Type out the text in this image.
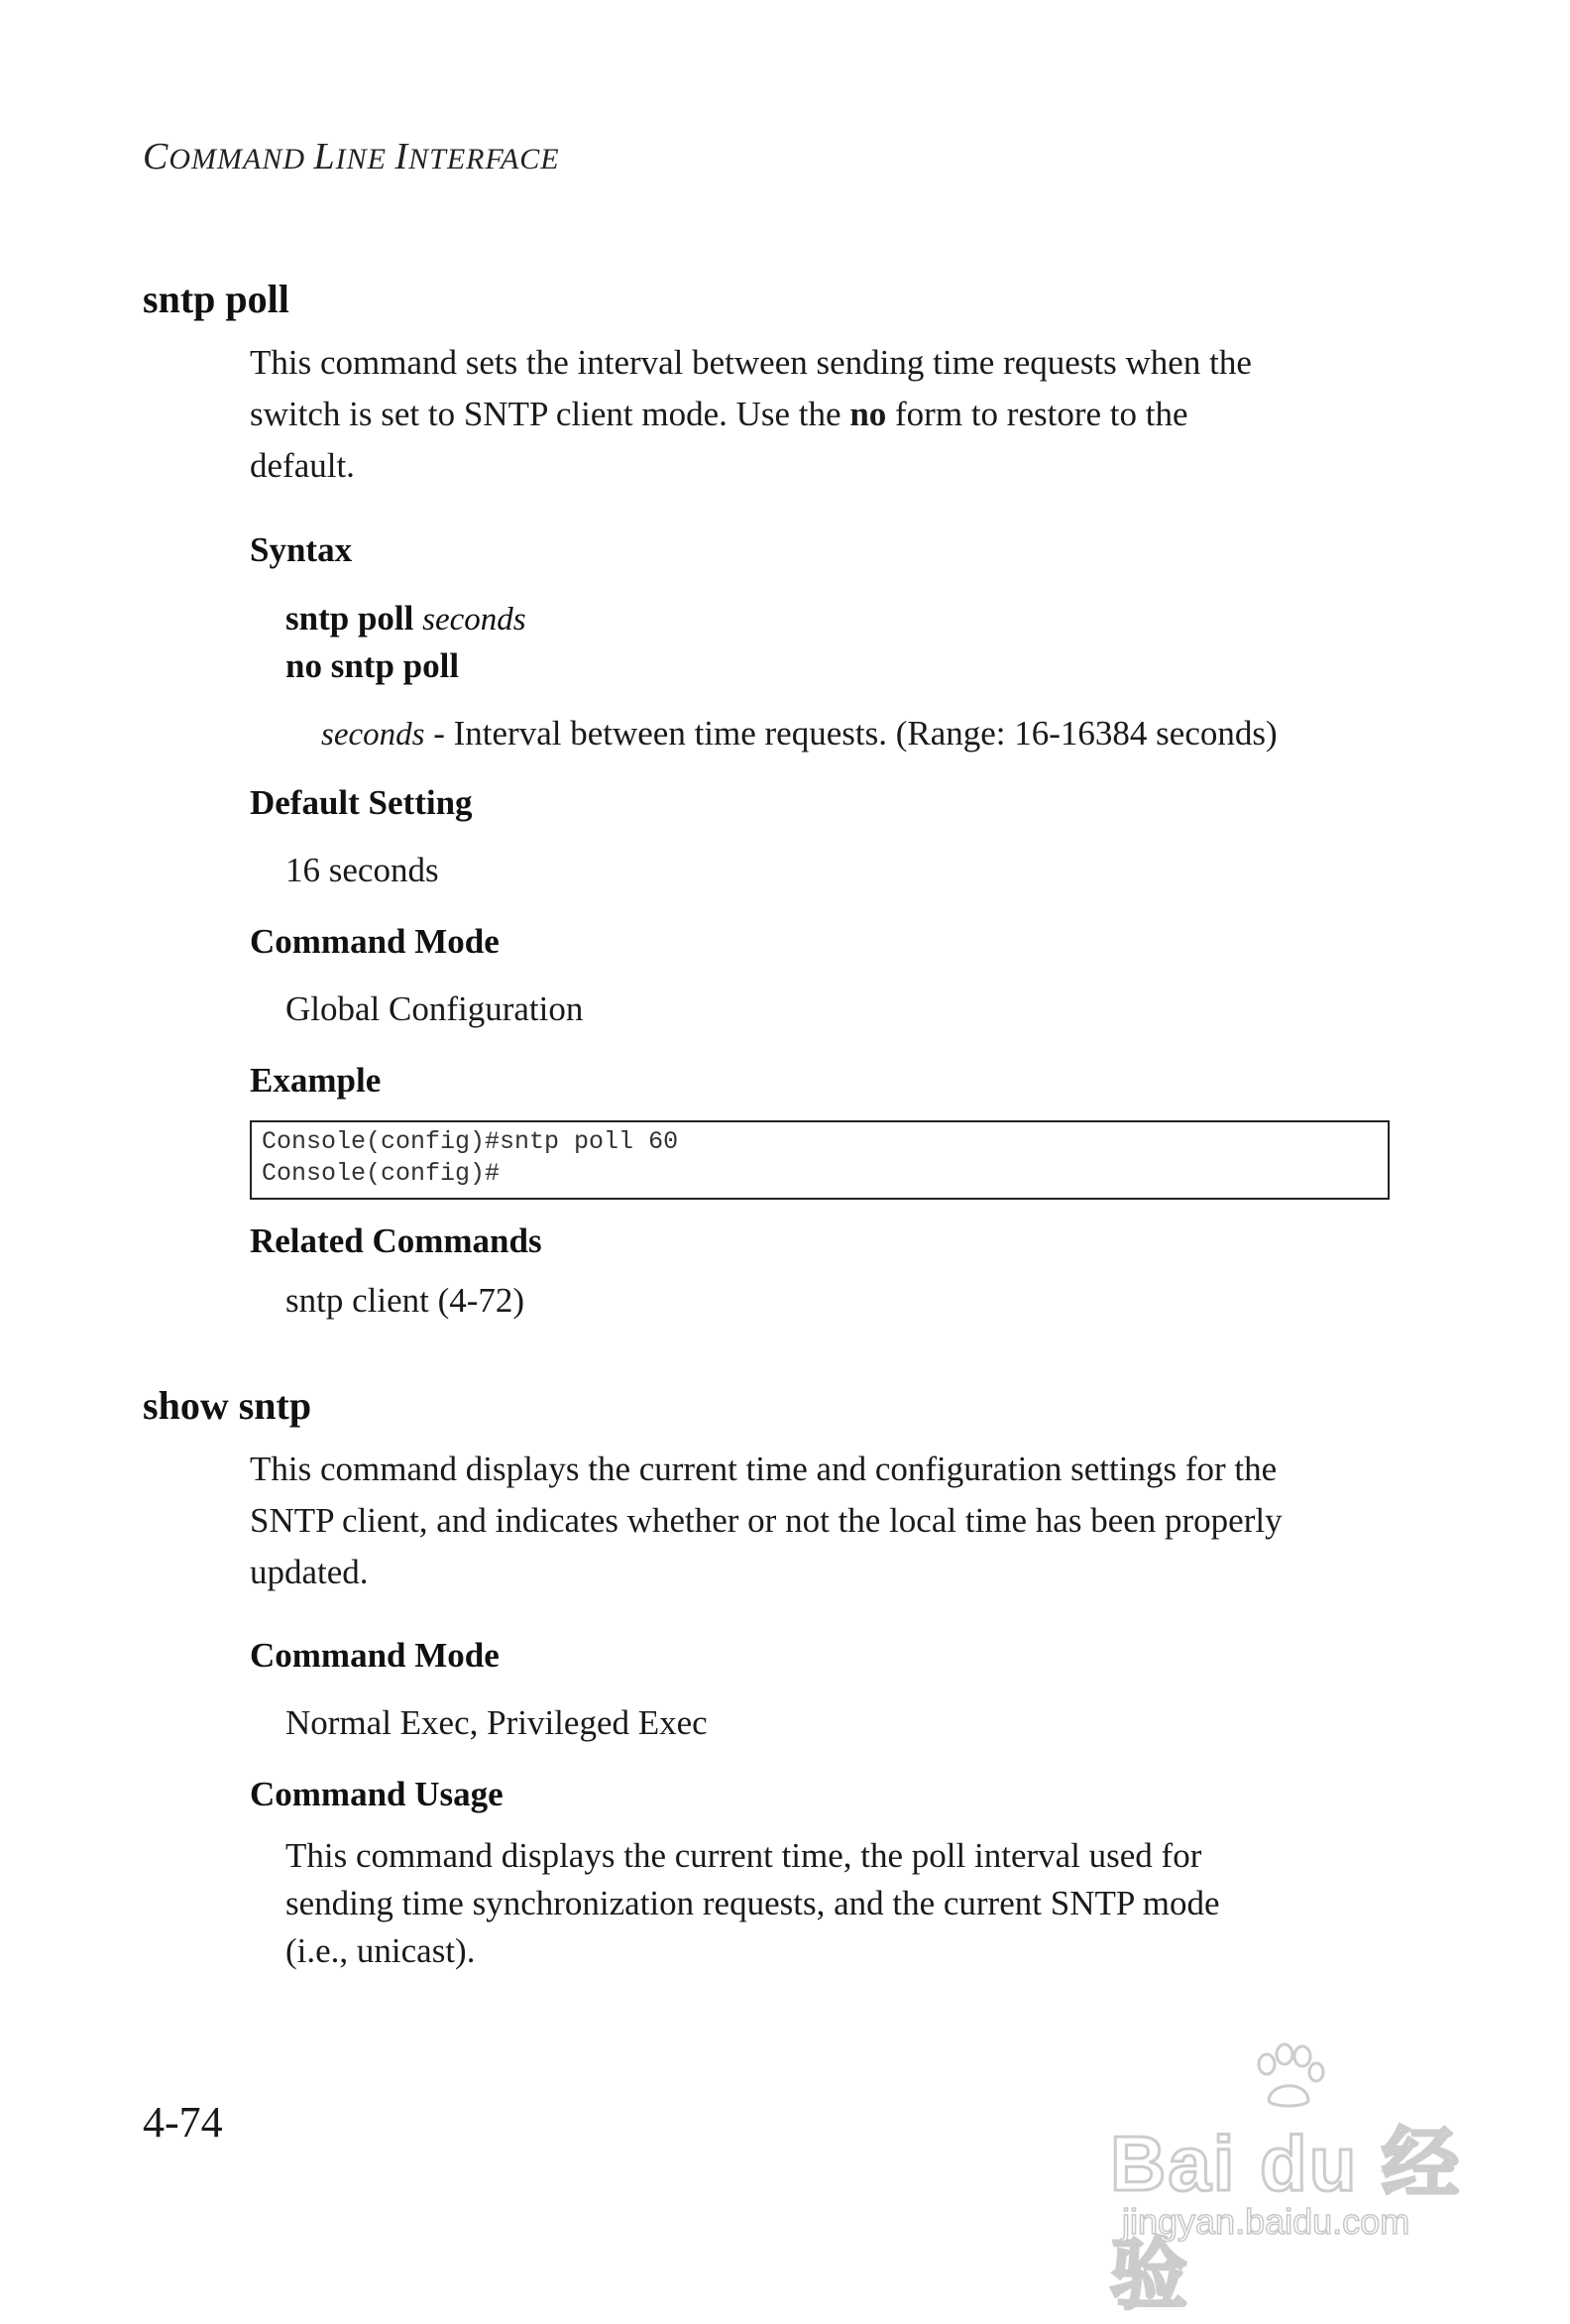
COMMAND LINE INTERFACE
sntp poll
This command sets the interval between sending time requests when the
switch is set to SNTP client mode. Use the no form to restore to the
default.
Syntax
sntp poll seconds
no sntp poll
seconds - Interval between time requests. (Range: 16-16384 seconds)
Default Setting
16 seconds
Command Mode
Global Configuration
Example
Console(config)#sntp poll 60
Console(config)#
Related Commands
sntp client (4-72)
show sntp
This command displays the current time and configuration settings for the
SNTP client, and indicates whether or not the local time has been properly
updated.
Command Mode
Normal Exec, Privileged Exec
Command Usage
This command displays the current time, the poll interval used for
sending time synchronization requests, and the current SNTP mode
(i.e., unicast).
4-74	Bai du 经验
jingyan.baidu.com
